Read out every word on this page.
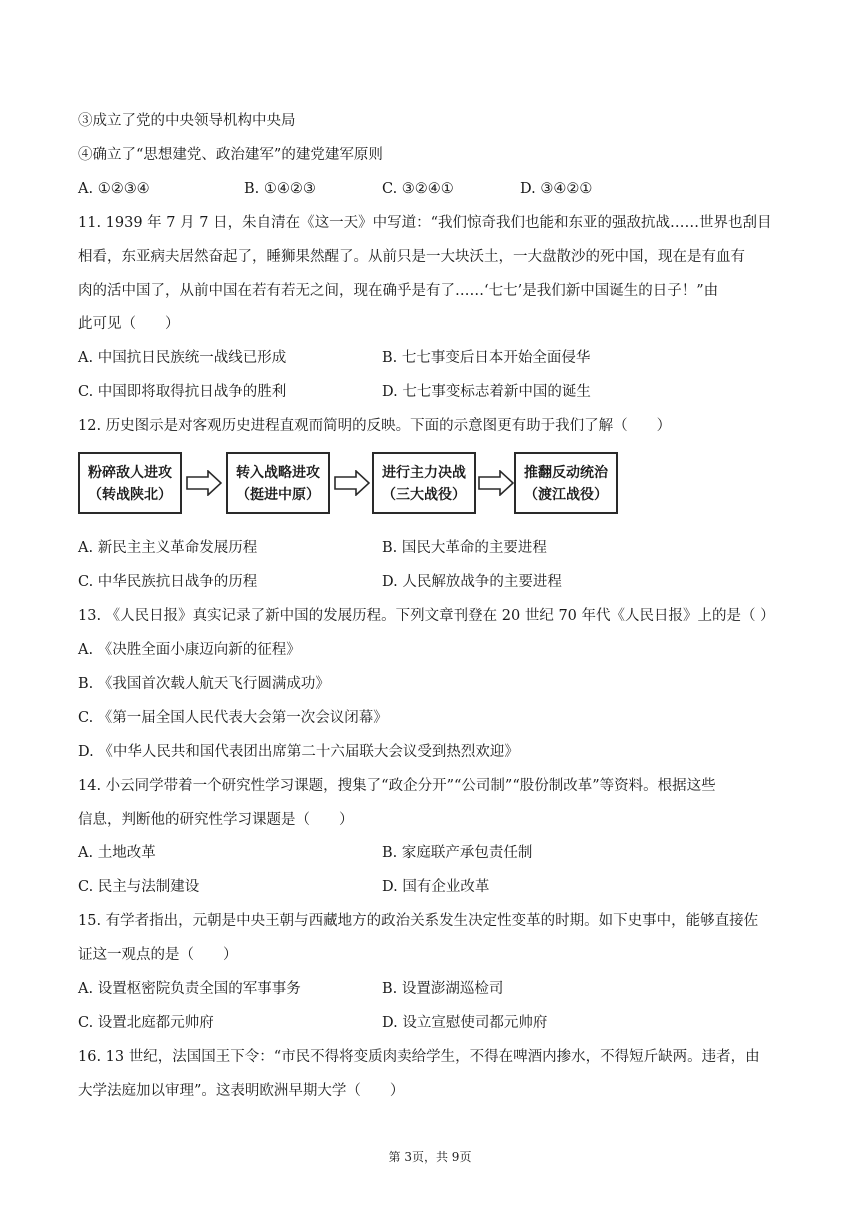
③成立了党的中央领导机构中央局
④确立了“思想建党、政治建军”的建党建军原则
A. ①②③④	B. ①④②③	C. ③②④①	D. ③④②①
11. 1939 年 7 月 7 日，朱自清在《这一天》中写道：“我们惊奇我们也能和东亚的强敌抗战……世界也刮目
相看，东亚病夫居然奋起了，睡狮果然醒了。从前只是一大块沃土，一大盘散沙的死中国，现在是有血有
肉的活中国了，从前中国在若有若无之间，现在确乎是有了……‘七七’是我们新中国诞生的日子！”由
此可见（　　）
A. 中国抗日民族统一战线已形成	B. 七七事变后日本开始全面侵华
C. 中国即将取得抗日战争的胜利	D. 七七事变标志着新中国的诞生
12. 历史图示是对客观历史进程直观而简明的反映。下面的示意图更有助于我们了解（　　）
粉碎敌人进攻
（转战陕北）
转入战略进攻
（挺进中原）
进行主力决战
（三大战役）
推翻反动统治
（渡江战役）
A. 新民主主义革命发展历程	B. 国民大革命的主要进程
C. 中华民族抗日战争的历程	D. 人民解放战争的主要进程
13. 《人民日报》真实记录了新中国的发展历程。下列文章刊登在 20 世纪 70 年代《人民日报》上的是（ ）
A. 《决胜全面小康迈向新的征程》
B. 《我国首次载人航天飞行圆满成功》
C. 《第一届全国人民代表大会第一次会议闭幕》
D. 《中华人民共和国代表团出席第二十六届联大会议受到热烈欢迎》
14. 小云同学带着一个研究性学习课题，搜集了“政企分开”“公司制”“股份制改革”等资料。根据这些
信息，判断他的研究性学习课题是（　　）
A. 土地改革	B. 家庭联产承包责任制
C. 民主与法制建设	D. 国有企业改革
15. 有学者指出，元朝是中央王朝与西藏地方的政治关系发生决定性变革的时期。如下史事中，能够直接佐
证这一观点的是（　　）
A. 设置枢密院负责全国的军事事务	B. 设置澎湖巡检司
C. 设置北庭都元帅府	D. 设立宣慰使司都元帅府
16. 13 世纪，法国国王下令：“市民不得将变质肉卖给学生，不得在啤酒内掺水，不得短斤缺两。违者，由
大学法庭加以审理”。这表明欧洲早期大学（　　）
第 3页，共 9页
